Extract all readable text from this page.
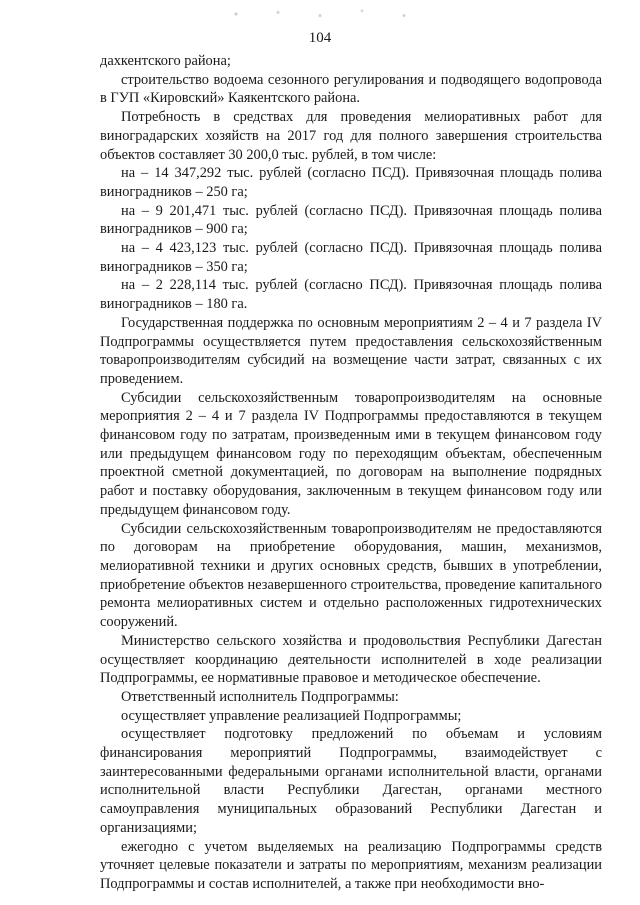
104

дахкентского района;

строительство водоема сезонного регулирования и подводящего водопровода в ГУП «Кировский» Каякентского района.

Потребность в средствах для проведения мелиоративных работ для виноградарских хозяйств на 2017 год для полного завершения строительства объектов составляет 30 200,0 тыс. рублей, в том числе:

на – 14 347,292 тыс. рублей (согласно ПСД). Привязочная площадь полива виноградников – 250 га;

на – 9 201,471 тыс. рублей (согласно ПСД). Привязочная площадь полива виноградников – 900 га;

на – 4 423,123 тыс. рублей (согласно ПСД). Привязочная площадь полива виноградников – 350 га;

на – 2 228,114 тыс. рублей (согласно ПСД). Привязочная площадь полива виноградников – 180 га.

Государственная поддержка по основным мероприятиям 2 – 4 и 7 раздела IV Подпрограммы осуществляется путем предоставления сельскохозяйственным товаропроизводителям субсидий на возмещение части затрат, связанных с их проведением.

Субсидии сельскохозяйственным товаропроизводителям на основные мероприятия 2 – 4 и 7 раздела IV Подпрограммы предоставляются в текущем финансовом году по затратам, произведенным ими в текущем финансовом году или предыдущем финансовом году по переходящим объектам, обеспеченным проектной сметной документацией, по договорам на выполнение подрядных работ и поставку оборудования, заключенным в текущем финансовом году или предыдущем финансовом году.

Субсидии сельскохозяйственным товаропроизводителям не предоставляются по договорам на приобретение оборудования, машин, механизмов, мелиоративной техники и других основных средств, бывших в употреблении, приобретение объектов незавершенного строительства, проведение капитального ремонта мелиоративных систем и отдельно расположенных гидротехнических сооружений.

Министерство сельского хозяйства и продовольствия Республики Дагестан осуществляет координацию деятельности исполнителей в ходе реализации Подпрограммы, ее нормативные правовое и методическое обеспечение.

Ответственный исполнитель Подпрограммы:

осуществляет управление реализацией Подпрограммы;

осуществляет подготовку предложений по объемам и условиям финансирования мероприятий Подпрограммы, взаимодействует с заинтересованными федеральными органами исполнительной власти, органами исполнительной власти Республики Дагестан, органами местного самоуправления муниципальных образований Республики Дагестан и организациями;

ежегодно с учетом выделяемых на реализацию Подпрограммы средств уточняет целевые показатели и затраты по мероприятиям, механизм реализации Подпрограммы и состав исполнителей, а также при необходимости вно-
